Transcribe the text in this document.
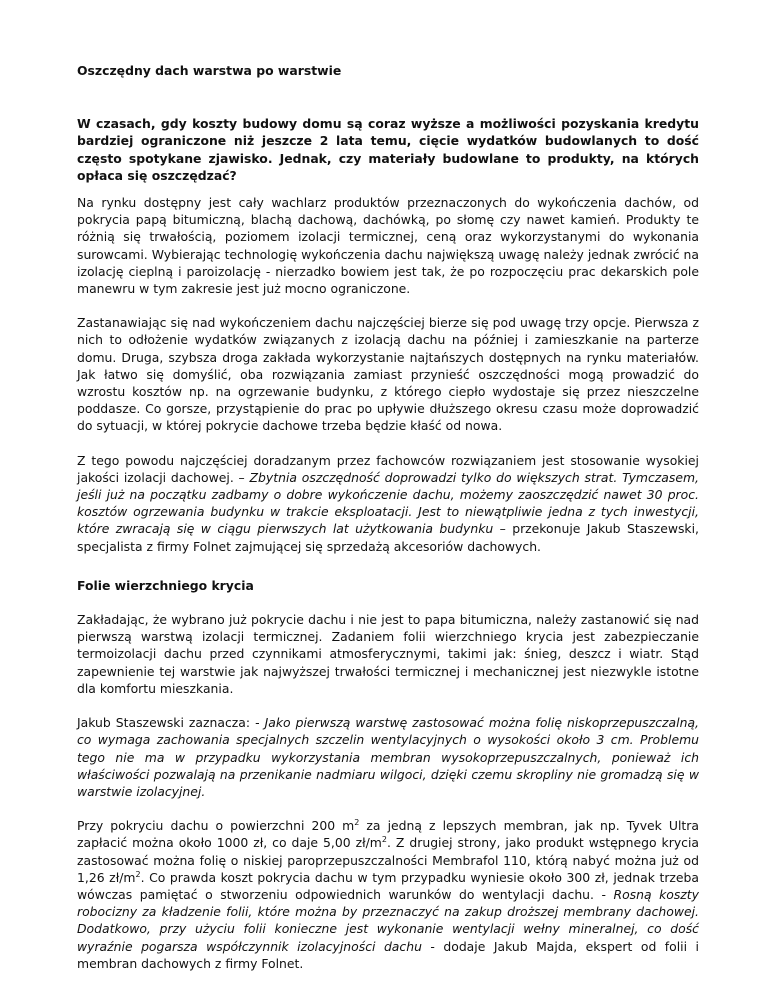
Oszczędny dach warstwa po warstwie

W czasach, gdy koszty budowy domu są coraz wyższe a możliwości pozyskania kredytu bardziej ograniczone niż jeszcze 2 lata temu, cięcie wydatków budowlanych to dość często spotykane zjawisko. Jednak, czy materiały budowlane to produkty, na których opłaca się oszczędzać?

Na rynku dostępny jest cały wachlarz produktów przeznaczonych do wykończenia dachów, od pokrycia papą bitumiczną, blachą dachową, dachówką, po słomę czy nawet kamień. Produkty te różnią się trwałością, poziomem izolacji termicznej, ceną oraz wykorzystanymi do wykonania surowcami. Wybierając technologię wykończenia dachu największą uwagę należy jednak zwrócić na izolację cieplną i paroizolację - nierzadko bowiem jest tak, że po rozpoczęciu prac dekarskich pole manewru w tym zakresie jest już mocno ograniczone.

Zastanawiając się nad wykończeniem dachu najczęściej bierze się pod uwagę trzy opcje. Pierwsza z nich to odłożenie wydatków związanych z izolacją dachu na później i zamieszkanie na parterze domu. Druga, szybsza droga zakłada wykorzystanie najtańszych dostępnych na rynku materiałów. Jak łatwo się domyślić, oba rozwiązania zamiast przynieść oszczędności mogą prowadzić do wzrostu kosztów np. na ogrzewanie budynku, z którego ciepło wydostaje się przez nieszczelne poddasze. Co gorsze, przystąpienie do prac po upływie dłuższego okresu czasu może doprowadzić do sytuacji, w której pokrycie dachowe trzeba będzie kłaść od nowa.

Z tego powodu najczęściej doradzanym przez fachowców rozwiązaniem jest stosowanie wysokiej jakości izolacji dachowej. – Zbytnia oszczędność doprowadzi tylko do większych strat. Tymczasem, jeśli już na początku zadbamy o dobre wykończenie dachu, możemy zaoszczędzić nawet 30 proc. kosztów ogrzewania budynku w trakcie eksploatacji. Jest to niewątpliwie jedna z tych inwestycji, które zwracają się w ciągu pierwszych lat użytkowania budynku – przekonuje Jakub Staszewski, specjalista z firmy Folnet zajmującej się sprzedażą akcesoriów dachowych.

Folie wierzchniego krycia

Zakładając, że wybrano już pokrycie dachu i nie jest to papa bitumiczna, należy zastanowić się nad pierwszą warstwą izolacji termicznej. Zadaniem folii wierzchniego krycia jest zabezpieczanie termoizolacji dachu przed czynnikami atmosferycznymi, takimi jak: śnieg, deszcz i wiatr. Stąd zapewnienie tej warstwie jak najwyższej trwałości termicznej i mechanicznej jest niezwykle istotne dla komfortu mieszkania.

Jakub Staszewski zaznacza: - Jako pierwszą warstwę zastosować można folię niskoprzepuszczalną, co wymaga zachowania specjalnych szczelin wentylacyjnych o wysokości około 3 cm. Problemu tego nie ma w przypadku wykorzystania membran wysokoprzepuszczalnych, ponieważ ich właściwości pozwalają na przenikanie nadmiaru wilgoci, dzięki czemu skropliny nie gromadzą się w warstwie izolacyjnej.

Przy pokryciu dachu o powierzchni 200 $m^2$ za jedną z lepszych membran, jak np. Tyvek Ultra zapłacić można około 1000 zł, co daje 5,00 $zł/m^2$. Z drugiej strony, jako produkt wstępnego krycia zastosować można folię o niskiej paroprzepuszczalności Membrafol 110, którą nabyć można już od 1,26 $zł/m^2$. Co prawda koszt pokrycia dachu w tym przypadku wyniesie około 300 zł, jednak trzeba wówczas pamiętać o stworzeniu odpowiednich warunków do wentylacji dachu. - Rosną koszty robocizny za kładzenie folii, które można by przeznaczyć na zakup droższej membrany dachowej. Dodatkowo, przy użyciu folii konieczne jest wykonanie wentylacji wełny mineralnej, co dość wyraźnie pogarsza współczynnik izolacyjności dachu - dodaje Jakub Majda, ekspert od folii i membran dachowych z firmy Folnet.
